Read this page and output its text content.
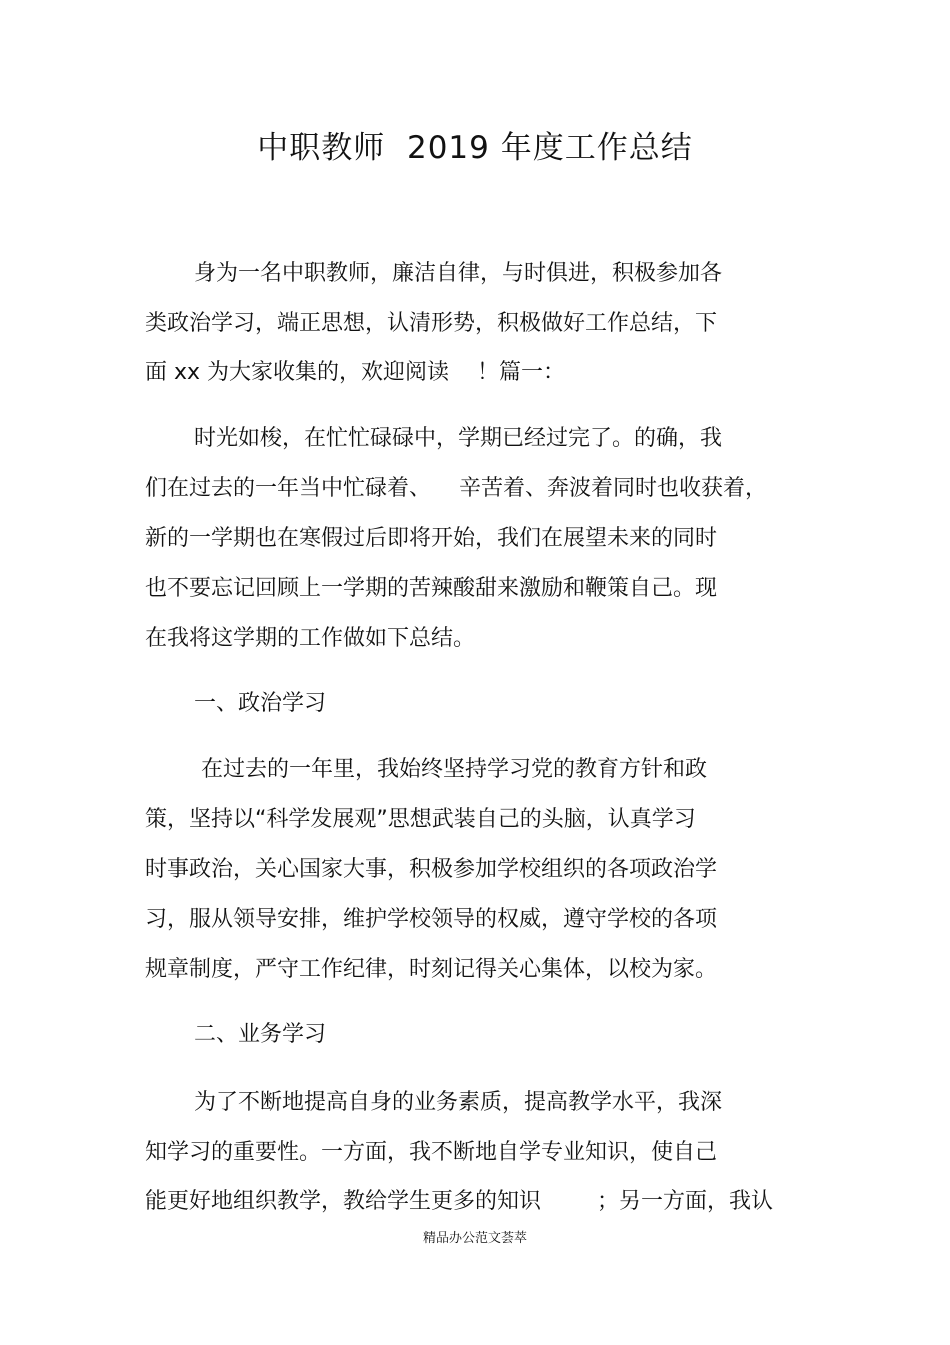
中职教师  2019 年度工作总结
身为一名中职教师，廉洁自律，与时俱进，积极参加各
类政治学习，端正思想，认清形势，积极做好工作总结，下
面 xx 为大家收集的，欢迎阅读    ！篇一：
时光如梭，在忙忙碌碌中，学期已经过完了。的确，我
们在过去的一年当中忙碌着、    辛苦着、奔波着同时也收获着，
新的一学期也在寒假过后即将开始，我们在展望未来的同时
也不要忘记回顾上一学期的苦辣酸甜来激励和鞭策自己。现
在我将这学期的工作做如下总结。
一、政治学习
在过去的一年里，我始终坚持学习党的教育方针和政
策，坚持以“科学发展观”思想武装自己的头脑，认真学习
时事政治，关心国家大事，积极参加学校组织的各项政治学
习，服从领导安排，维护学校领导的权威，遵守学校的各项
规章制度，严守工作纪律，时刻记得关心集体，以校为家。
二、业务学习
为了不断地提高自身的业务素质，提高教学水平，我深
知学习的重要性。一方面，我不断地自学专业知识，使自己
能更好地组织教学，教给学生更多的知识        ；另一方面，我认
精品办公范文荟萃
